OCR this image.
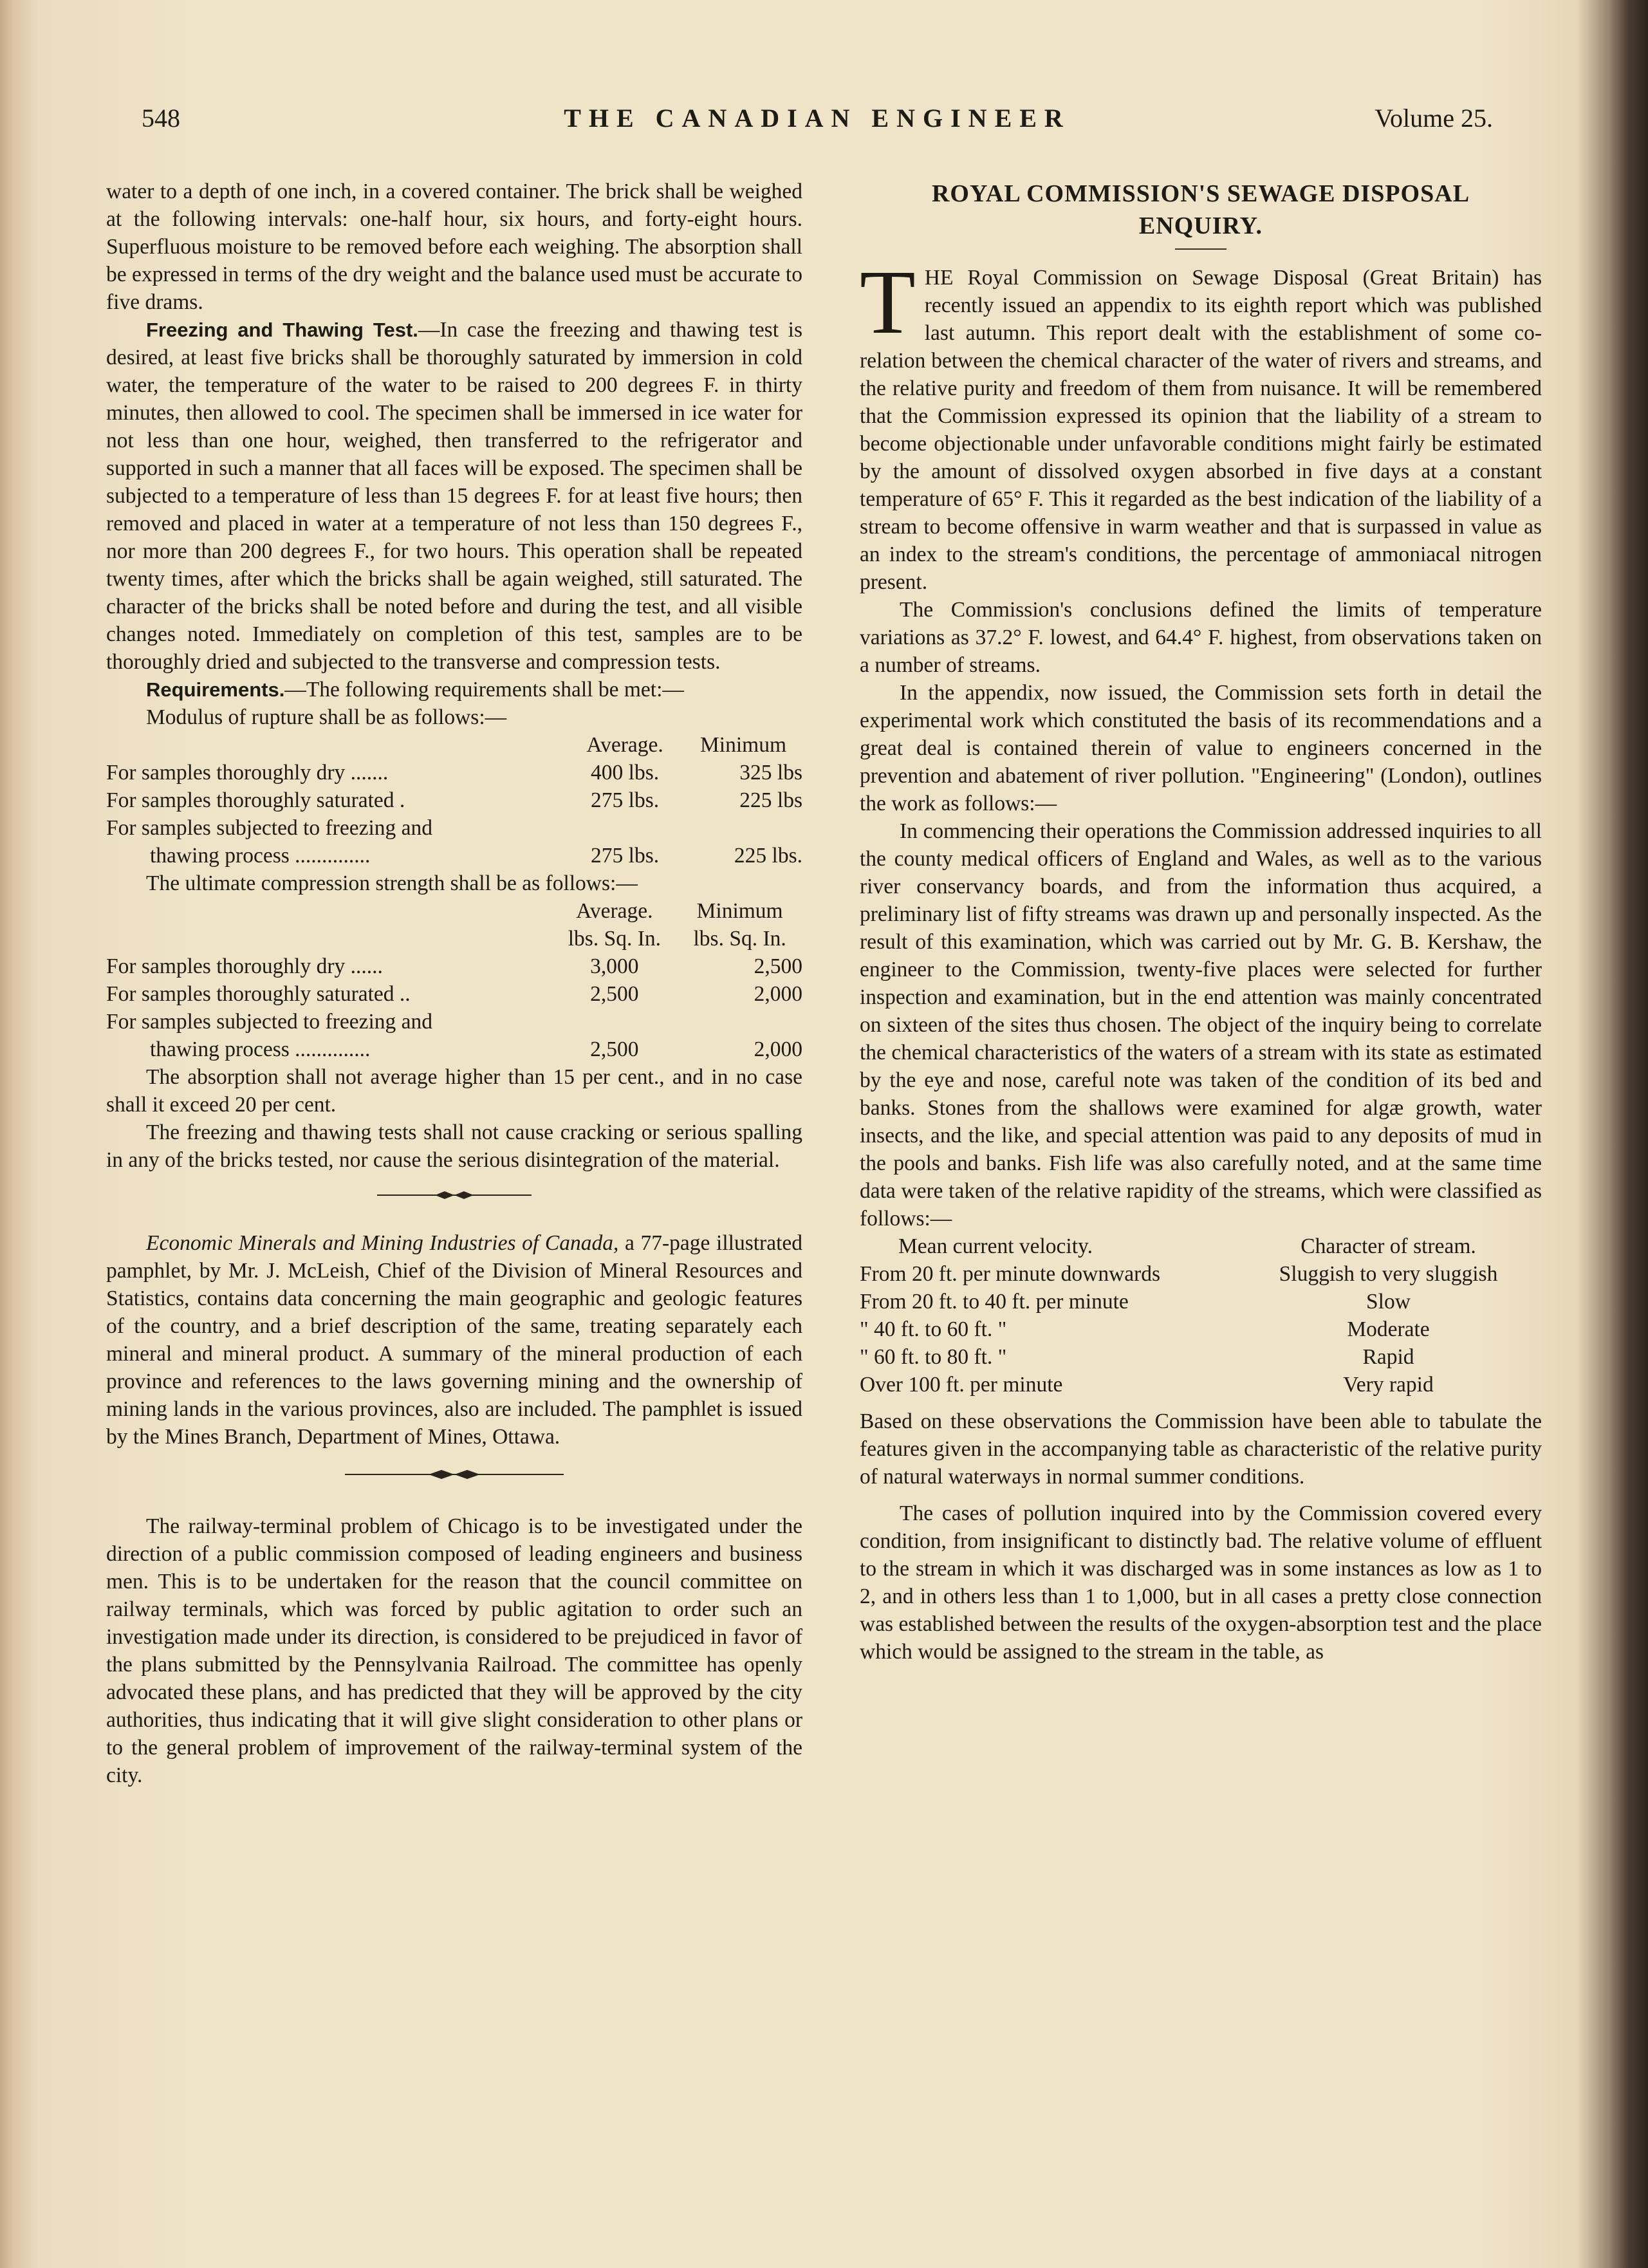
548	THE CANADIAN ENGINEER	Volume 25.

water to a depth of one inch, in a covered container. The brick shall be weighed at the following intervals: one-half hour, six hours, and forty-eight hours. Superfluous moisture to be removed before each weighing. The absorption shall be expressed in terms of the dry weight and the balance used must be accurate to five drams.

Freezing and Thawing Test.—In case the freezing and thawing test is desired, at least five bricks shall be thoroughly saturated by immersion in cold water, the temperature of the water to be raised to 200 degrees F. in thirty minutes, then allowed to cool. The specimen shall be immersed in ice water for not less than one hour, weighed, then transferred to the refrigerator and supported in such a manner that all faces will be exposed. The specimen shall be subjected to a temperature of less than 15 degrees F. for at least five hours; then removed and placed in water at a temperature of not less than 150 degrees F., nor more than 200 degrees F., for two hours. This operation shall be repeated twenty times, after which the bricks shall be again weighed, still saturated. The character of the bricks shall be noted before and during the test, and all visible changes noted. Immediately on completion of this test, samples are to be thoroughly dried and subjected to the transverse and compression tests.

Requirements.—The following requirements shall be met:—

Modulus of rupture shall be as follows:—

	Average.	Minimum
For samples thoroughly dry .......	400 lbs.	325 lbs
For samples thoroughly saturated .	275 lbs.	225 lbs
For samples subjected to freezing and		
thawing process ..............	275 lbs.	225 lbs.

The ultimate compression strength shall be as follows:—

	Average.	Minimum
	lbs. Sq. In.	lbs. Sq. In.
For samples thoroughly dry ......	3,000	2,500
For samples thoroughly saturated ..	2,500	2,000
For samples subjected to freezing and		
thawing process ..............	2,500	2,000

The absorption shall not average higher than 15 per cent., and in no case shall it exceed 20 per cent.

The freezing and thawing tests shall not cause cracking or serious spalling in any of the bricks tested, nor cause the serious disintegration of the material.

Economic Minerals and Mining Industries of Canada, a 77-page illustrated pamphlet, by Mr. J. McLeish, Chief of the Division of Mineral Resources and Statistics, contains data concerning the main geographic and geologic features of the country, and a brief description of the same, treating separately each mineral and mineral product. A summary of the mineral production of each province and references to the laws governing mining and the ownership of mining lands in the various provinces, also are included. The pamphlet is issued by the Mines Branch, Department of Mines, Ottawa.

The railway-terminal problem of Chicago is to be investigated under the direction of a public commission composed of leading engineers and business men. This is to be undertaken for the reason that the council committee on railway terminals, which was forced by public agitation to order such an investigation made under its direction, is considered to be prejudiced in favor of the plans submitted by the Pennsylvania Railroad. The committee has openly advocated these plans, and has predicted that they will be approved by the city authorities, thus indicating that it will give slight consideration to other plans or to the general problem of improvement of the railway-terminal system of the city.

ROYAL COMMISSION'S SEWAGE DISPOSAL
ENQUIRY.

THE Royal Commission on Sewage Disposal (Great Britain) has recently issued an appendix to its eighth report which was published last autumn. This report dealt with the establishment of some co-relation between the chemical character of the water of rivers and streams, and the relative purity and freedom of them from nuisance. It will be remembered that the Commission expressed its opinion that the liability of a stream to become objectionable under unfavorable conditions might fairly be estimated by the amount of dissolved oxygen absorbed in five days at a constant temperature of 65° F. This it regarded as the best indication of the liability of a stream to become offensive in warm weather and that is surpassed in value as an index to the stream's conditions, the percentage of ammoniacal nitrogen present.

The Commission's conclusions defined the limits of temperature variations as 37.2° F. lowest, and 64.4° F. highest, from observations taken on a number of streams.

In the appendix, now issued, the Commission sets forth in detail the experimental work which constituted the basis of its recommendations and a great deal is contained therein of value to engineers concerned in the prevention and abatement of river pollution. "Engineering" (London), outlines the work as follows:—

In commencing their operations the Commission addressed inquiries to all the county medical officers of England and Wales, as well as to the various river conservancy boards, and from the information thus acquired, a preliminary list of fifty streams was drawn up and personally inspected. As the result of this examination, which was carried out by Mr. G. B. Kershaw, the engineer to the Commission, twenty-five places were selected for further inspection and examination, but in the end attention was mainly concentrated on sixteen of the sites thus chosen. The object of the inquiry being to correlate the chemical characteristics of the waters of a stream with its state as estimated by the eye and nose, careful note was taken of the condition of its bed and banks. Stones from the shallows were examined for algæ growth, water insects, and the like, and special attention was paid to any deposits of mud in the pools and banks. Fish life was also carefully noted, and at the same time data were taken of the relative rapidity of the streams, which were classified as follows:—

Mean current velocity.	Character of stream.
From 20 ft. per minute downwards	Sluggish to very sluggish
From 20 ft. to 40 ft. per minute	Slow
" 40 ft. to 60 ft. "	Moderate
" 60 ft. to 80 ft. "	Rapid
Over 100 ft. per minute	Very rapid

Based on these observations the Commission have been able to tabulate the features given in the accompanying table as characteristic of the relative purity of natural waterways in normal summer conditions.

The cases of pollution inquired into by the Commission covered every condition, from insignificant to distinctly bad. The relative volume of effluent to the stream in which it was discharged was in some instances as low as 1 to 2, and in others less than 1 to 1,000, but in all cases a pretty close connection was established between the results of the oxygen-absorption test and the place which would be assigned to the stream in the table, as
